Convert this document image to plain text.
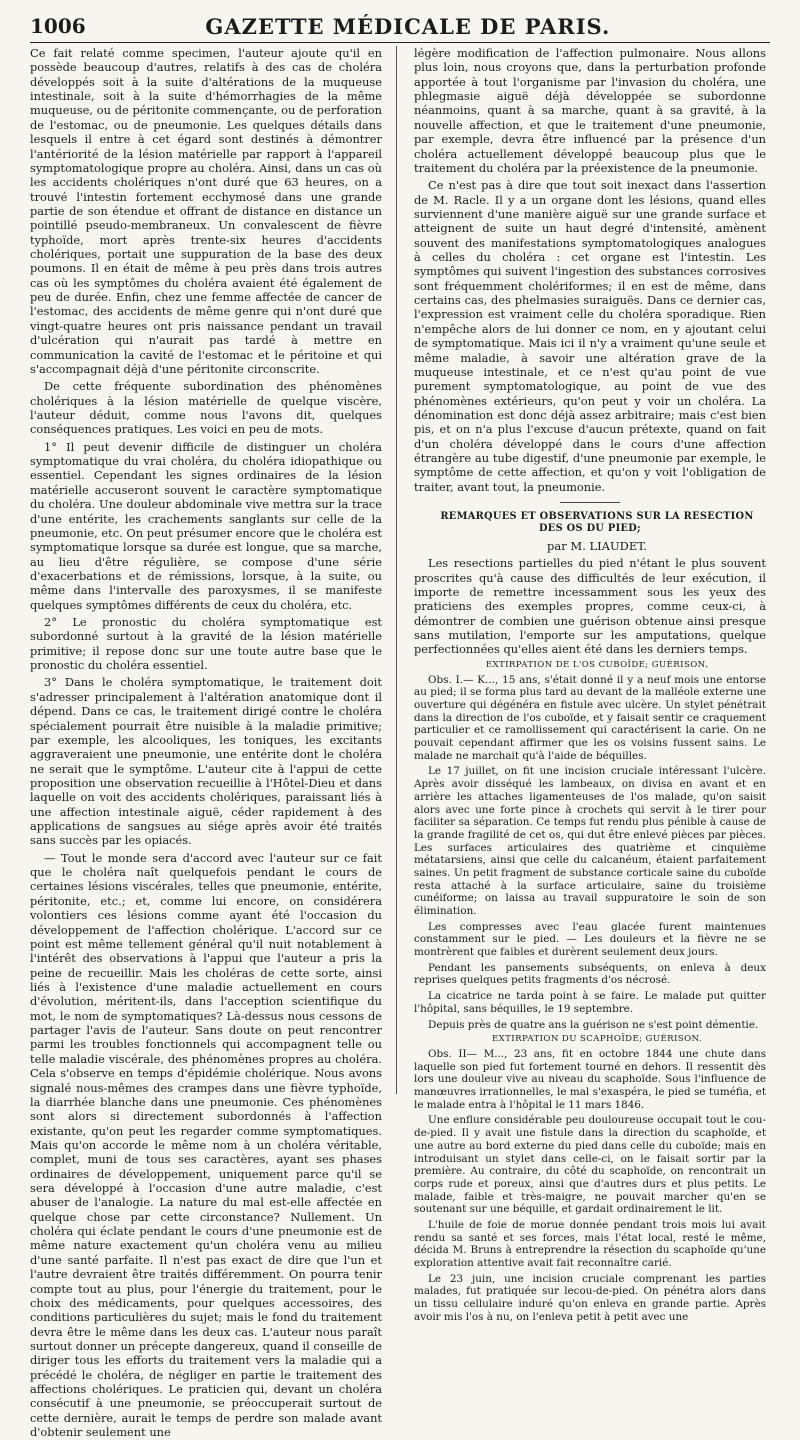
1006	GAZETTE MÉDICALE DE PARIS.

Ce fait relaté comme specimen, l'auteur ajoute qu'il en possède beaucoup d'autres, relatifs à des cas de choléra développés soit à la suite d'altérations de la muqueuse intestinale, soit à la suite d'hémorrhagies de la même muqueuse, ou de péritonite commençante, ou de perforation de l'estomac, ou de pneumonie. Les quelques détails dans lesquels il entre à cet égard sont destinés à démontrer l'antériorité de la lésion matérielle par rapport à l'appareil symptomatologique propre au choléra. Ainsi, dans un cas où les accidents cholériques n'ont duré que 63 heures, on a trouvé l'intestin fortement ecchymosé dans une grande partie de son étendue et offrant de distance en distance un pointillé pseudo-membraneux. Un convalescent de fièvre typhoïde, mort après trente-six heures d'accidents cholériques, portait une suppuration de la base des deux poumons. Il en était de même à peu près dans trois autres cas où les symptômes du choléra avaient été également de peu de durée. Enfin, chez une femme affectée de cancer de l'estomac, des accidents de même genre qui n'ont duré que vingt-quatre heures ont pris naissance pendant un travail d'ulcération qui n'aurait pas tardé à mettre en communication la cavité de l'estomac et le péritoine et qui s'accompagnait déjà d'une péritonite circonscrite.

De cette fréquente subordination des phénomènes cholériques à la lésion matérielle de quelque viscère, l'auteur déduit, comme nous l'avons dit, quelques conséquences pratiques. Les voici en peu de mots.

1° Il peut devenir difficile de distinguer un choléra symptomatique du vrai choléra, du choléra idiopathique ou essentiel. Cependant les signes ordinaires de la lésion matérielle accuseront souvent le caractère symptomatique du choléra. Une douleur abdominale vive mettra sur la trace d'une entérite, les crachements sanglants sur celle de la pneumonie, etc. On peut présumer encore que le choléra est symptomatique lorsque sa durée est longue, que sa marche, au lieu d'être régulière, se compose d'une série d'exacerbations et de rémissions, lorsque, à la suite, ou même dans l'intervalle des paroxysmes, il se manifeste quelques symptômes différents de ceux du choléra, etc.

2° Le pronostic du choléra symptomatique est subordonné surtout à la gravité de la lésion matérielle primitive; il repose donc sur une toute autre base que le pronostic du choléra essentiel.

3° Dans le choléra symptomatique, le traitement doit s'adresser principalement à l'altération anatomique dont il dépend. Dans ce cas, le traitement dirigé contre le choléra spécialement pourrait être nuisible à la maladie primitive; par exemple, les alcooliques, les toniques, les excitants aggraveraient une pneumonie, une entérite dont le choléra ne serait que le symptôme. L'auteur cite à l'appui de cette proposition une observation recueillie à l'Hôtel-Dieu et dans laquelle on voit des accidents cholériques, paraissant liés à une affection intestinale aiguë, céder rapidement à des applications de sangsues au siége après avoir été traités sans succès par les opiacés.

— Tout le monde sera d'accord avec l'auteur sur ce fait que le choléra naît quelquefois pendant le cours de certaines lésions viscérales, telles que pneumonie, entérite, péritonite, etc.; et, comme lui encore, on considérera volontiers ces lésions comme ayant été l'occasion du développement de l'affection cholérique. L'accord sur ce point est même tellement général qu'il nuit notablement à l'intérêt des observations à l'appui que l'auteur a pris la peine de recueillir. Mais les choléras de cette sorte, ainsi liés à l'existence d'une maladie actuellement en cours d'évolution, méritent-ils, dans l'acception scientifique du mot, le nom de symptomatiques? Là-dessus nous cessons de partager l'avis de l'auteur. Sans doute on peut rencontrer parmi les troubles fonctionnels qui accompagnent telle ou telle maladie viscérale, des phénomènes propres au choléra. Cela s'observe en temps d'épidémie cholérique. Nous avons signalé nous-mêmes des crampes dans une fièvre typhoïde, la diarrhée blanche dans une pneumonie. Ces phénomènes sont alors si directement subordonnés à l'affection existante, qu'on peut les regarder comme symptomatiques. Mais qu'on accorde le même nom à un choléra véritable, complet, muni de tous ses caractères, ayant ses phases ordinaires de développement, uniquement parce qu'il se sera développé à l'occasion d'une autre maladie, c'est abuser de l'analogie. La nature du mal est-elle affectée en quelque chose par cette circonstance? Nullement. Un choléra qui éclate pendant le cours d'une pneumonie est de même nature exactement qu'un choléra venu au milieu d'une santé parfaite. Il n'est pas exact de dire que l'un et l'autre devraient être traités différemment. On pourra tenir compte tout au plus, pour l'énergie du traitement, pour le choix des médicaments, pour quelques accessoires, des conditions particulières du sujet; mais le fond du traitement devra être le même dans les deux cas. L'auteur nous paraît surtout donner un précepte dangereux, quand il conseille de diriger tous les efforts du traitement vers la maladie qui a précédé le choléra, de négliger en partie le traitement des affections cholériques. Le praticien qui, devant un choléra consécutif à une pneumonie, se préoccuperait surtout de cette dernière, aurait le temps de perdre son malade avant d'obtenir seulement une

légère modification de l'affection pulmonaire. Nous allons plus loin, nous croyons que, dans la perturbation profonde apportée à tout l'organisme par l'invasion du choléra, une phlegmasie aiguë déjà développée se subordonne néanmoins, quant à sa marche, quant à sa gravité, à la nouvelle affection, et que le traitement d'une pneumonie, par exemple, devra être influencé par la présence d'un choléra actuellement développé beaucoup plus que le traitement du choléra par la préexistence de la pneumonie.

Ce n'est pas à dire que tout soit inexact dans l'assertion de M. Racle. Il y a un organe dont les lésions, quand elles surviennent d'une manière aiguë sur une grande surface et atteignent de suite un haut degré d'intensité, amènent souvent des manifestations symptomatologiques analogues à celles du choléra : cet organe est l'intestin. Les symptômes qui suivent l'ingestion des substances corrosives sont fréquemment cholériformes; il en est de même, dans certains cas, des phelmasies suraiguës. Dans ce dernier cas, l'expression est vraiment celle du choléra sporadique. Rien n'empêche alors de lui donner ce nom, en y ajoutant celui de symptomatique. Mais ici il n'y a vraiment qu'une seule et même maladie, à savoir une altération grave de la muqueuse intestinale, et ce n'est qu'au point de vue purement symptomatologique, au point de vue des phénomènes extérieurs, qu'on peut y voir un choléra. La dénomination est donc déjà assez arbitraire; mais c'est bien pis, et on n'a plus l'excuse d'aucun prétexte, quand on fait d'un choléra développé dans le cours d'une affection étrangère au tube digestif, d'une pneumonie par exemple, le symptôme de cette affection, et qu'on y voit l'obligation de traiter, avant tout, la pneumonie.

REMARQUES ET OBSERVATIONS SUR LA RESECTION DES OS DU PIED;

par M. LIAUDET.

Les resections partielles du pied n'étant le plus souvent proscrites qu'à cause des difficultés de leur exécution, il importe de remettre incessamment sous les yeux des praticiens des exemples propres, comme ceux-ci, à démontrer de combien une guérison obtenue ainsi presque sans mutilation, l'emporte sur les amputations, quelque perfectionnées qu'elles aient été dans les derniers temps.

EXTIRPATION DE L'OS CUBOÏDE; GUÉRISON.

Obs. I.— K..., 15 ans, s'était donné il y a neuf mois une entorse au pied; il se forma plus tard au devant de la malléole externe une ouverture qui dégénéra en fistule avec ulcère. Un stylet pénétrait dans la direction de l'os cuboïde, et y faisait sentir ce craquement particulier et ce ramollissement qui caractérisent la carie. On ne pouvait cependant affirmer que les os voisins fussent sains. Le malade ne marchait qu'à l'aide de béquilles.

Le 17 juillet, on fit une incision cruciale intéressant l'ulcère. Après avoir disséqué les lambeaux, on divisa en avant et en arrière les attaches ligamenteuses de l'os malade, qu'on saisit alors avec une forte pince à crochets qui servit à le tirer pour faciliter sa séparation. Ce temps fut rendu plus pénible à cause de la grande fragilité de cet os, qui dut être enlevé pièces par pièces. Les surfaces articulaires des quatrième et cinquième métatarsiens, ainsi que celle du calcanéum, étaient parfaitement saines. Un petit fragment de substance corticale saine du cuboïde resta attaché à la surface articulaire, saine du troisième cunéiforme; on laissa au travail suppuratoire le soin de son élimination.

Les compresses avec l'eau glacée furent maintenues constamment sur le pied. — Les douleurs et la fièvre ne se montrèrent que faibles et durèrent seulement deux jours.

Pendant les pansements subséquents, on enleva à deux reprises quelques petits fragments d'os nécrosé.

La cicatrice ne tarda point à se faire. Le malade put quitter l'hôpital, sans béquilles, le 19 septembre.

Depuis près de quatre ans la guérison ne s'est point démentie.

EXTIRPATION DU SCAPHOÏDE; GUÉRISON.

Obs. II— M..., 23 ans, fit en octobre 1844 une chute dans laquelle son pied fut fortement tourné en dehors. Il ressentit dès lors une douleur vive au niveau du scaphoïde. Sous l'influence de manœuvres irrationnelles, le mal s'exaspéra, le pied se tuméfia, et le malade entra à l'hôpital le 11 mars 1846.

Une enflure considérable peu douloureuse occupait tout le cou-de-pied. Il y avait une fistule dans la direction du scaphoïde, et une autre au bord externe du pied dans celle du cuboïde; mais en introduisant un stylet dans celle-ci, on le faisait sortir par la première. Au contraire, du côté du scaphoïde, on rencontrait un corps rude et poreux, ainsi que d'autres durs et plus petits. Le malade, faible et très-maigre, ne pouvait marcher qu'en se soutenant sur une béquille, et gardait ordinairement le lit.

L'huile de foie de morue donnée pendant trois mois lui avait rendu sa santé et ses forces, mais l'état local, resté le même, décida M. Bruns à entreprendre la résection du scaphoïde qu'une exploration attentive avait fait reconnaître carié.

Le 23 juin, une incision cruciale comprenant les parties malades, fut pratiquée sur lecou-de-pied. On pénétra alors dans un tissu cellulaire induré qu'on enleva en grande partie. Après avoir mis l'os à nu, on l'enleva petit à petit avec une
